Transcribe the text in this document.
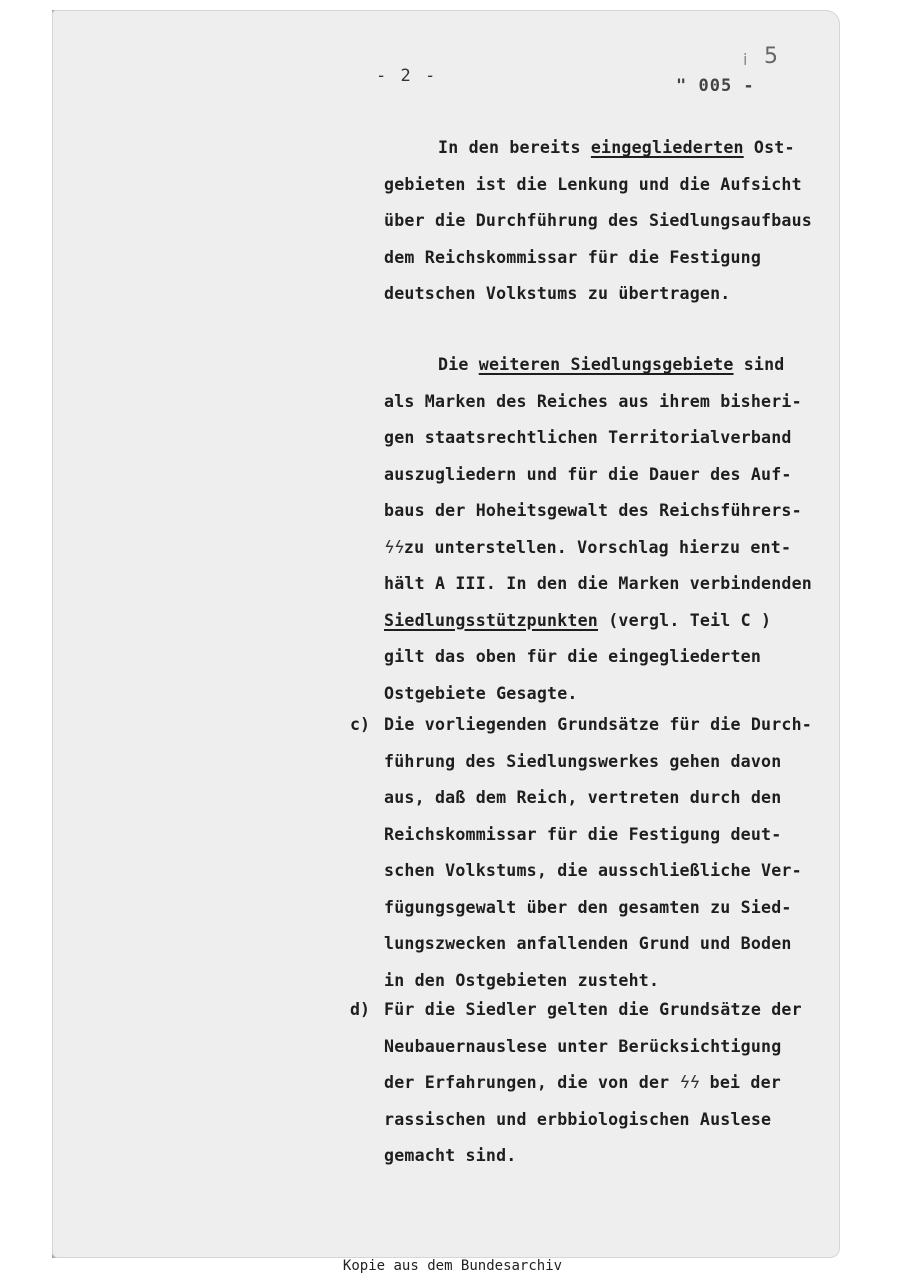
- 2 -	" 005 -
i 5
In den bereits eingegliederten Ost-
gebieten ist die Lenkung und die Aufsicht
über die Durchführung des Siedlungsaufbaus
dem Reichskommissar für die Festigung
deutschen Volkstums zu übertragen.
Die weiteren Siedlungsgebiete sind
als Marken des Reiches aus ihrem bisheri-
gen staatsrechtlichen Territorialverband
auszugliedern und für die Dauer des Auf-
baus der Hoheitsgewalt des Reichsführers-
ϟϟzu unterstellen. Vorschlag hierzu ent-
hält A III. In den die Marken verbindenden
Siedlungsstützpunkten (vergl. Teil C )
gilt das oben für die eingegliederten
Ostgebiete Gesagte.
c) Die vorliegenden Grundsätze für die Durch-
führung des Siedlungswerkes gehen davon
aus, daß dem Reich, vertreten durch den
Reichskommissar für die Festigung deut-
schen Volkstums, die ausschließliche Ver-
fügungsgewalt über den gesamten zu Sied-
lungszwecken anfallenden Grund und Boden
in den Ostgebieten zusteht.
d) Für die Siedler gelten die Grundsätze der
Neubauernauslese unter Berücksichtigung
der Erfahrungen, die von der ϟϟ bei der
rassischen und erbbiologischen Auslese
gemacht sind.
Kopie aus dem Bundesarchiv
